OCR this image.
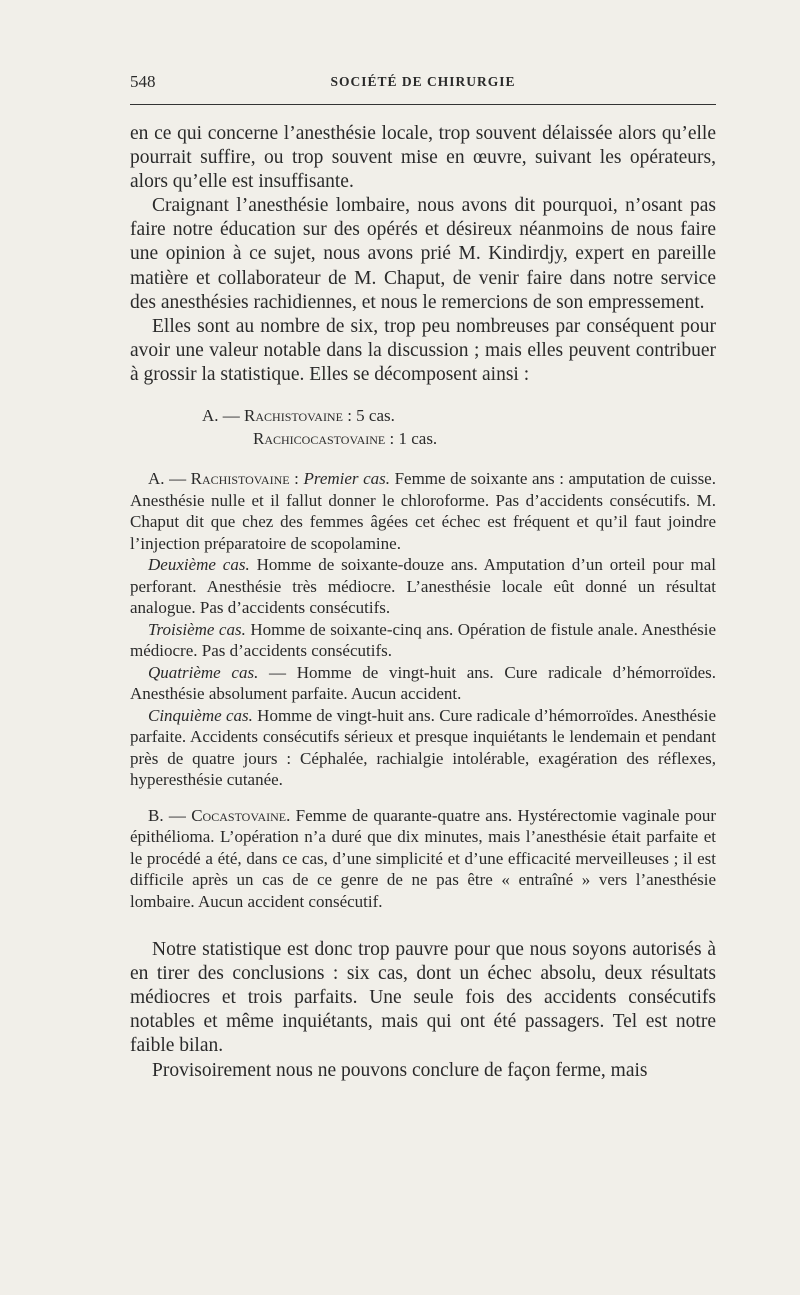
548	SOCIÉTÉ DE CHIRURGIE

en ce qui concerne l’anesthésie locale, trop souvent délaissée alors qu’elle pourrait suffire, ou trop souvent mise en œuvre, suivant les opérateurs, alors qu’elle est insuffisante.

Craignant l’anesthésie lombaire, nous avons dit pourquoi, n’osant pas faire notre éducation sur des opérés et désireux néanmoins de nous faire une opinion à ce sujet, nous avons prié M. Kindirdjy, expert en pareille matière et collaborateur de M. Chaput, de venir faire dans notre service des anesthésies rachidiennes, et nous le remercions de son empressement.

Elles sont au nombre de six, trop peu nombreuses par conséquent pour avoir une valeur notable dans la discussion ; mais elles peuvent contribuer à grossir la statistique. Elles se décomposent ainsi :

A. — Rachistovaine : 5 cas.
Rachicocastovaine : 1 cas.

A. — Rachistovaine : Premier cas. Femme de soixante ans : amputation de cuisse. Anesthésie nulle et il fallut donner le chloroforme. Pas d’accidents consécutifs. M. Chaput dit que chez des femmes âgées cet échec est fréquent et qu’il faut joindre l’injection préparatoire de scopolamine.

Deuxième cas. Homme de soixante-douze ans. Amputation d’un orteil pour mal perforant. Anesthésie très médiocre. L’anesthésie locale eût donné un résultat analogue. Pas d’accidents consécutifs.

Troisième cas. Homme de soixante-cinq ans. Opération de fistule anale. Anesthésie médiocre. Pas d’accidents consécutifs.

Quatrième cas. — Homme de vingt-huit ans. Cure radicale d’hémorroïdes. Anesthésie absolument parfaite. Aucun accident.

Cinquième cas. Homme de vingt-huit ans. Cure radicale d’hémorroïdes. Anesthésie parfaite. Accidents consécutifs sérieux et presque inquiétants le lendemain et pendant près de quatre jours : Céphalée, rachialgie intolérable, exagération des réflexes, hyperesthésie cutanée.

B. — Cocastovaine. Femme de quarante-quatre ans. Hystérectomie vaginale pour épithélioma. L’opération n’a duré que dix minutes, mais l’anesthésie était parfaite et le procédé a été, dans ce cas, d’une simplicité et d’une efficacité merveilleuses ; il est difficile après un cas de ce genre de ne pas être « entraîné » vers l’anesthésie lombaire. Aucun accident consécutif.

Notre statistique est donc trop pauvre pour que nous soyons autorisés à en tirer des conclusions : six cas, dont un échec absolu, deux résultats médiocres et trois parfaits. Une seule fois des accidents consécutifs notables et même inquiétants, mais qui ont été passagers. Tel est notre faible bilan.

Provisoirement nous ne pouvons conclure de façon ferme, mais
